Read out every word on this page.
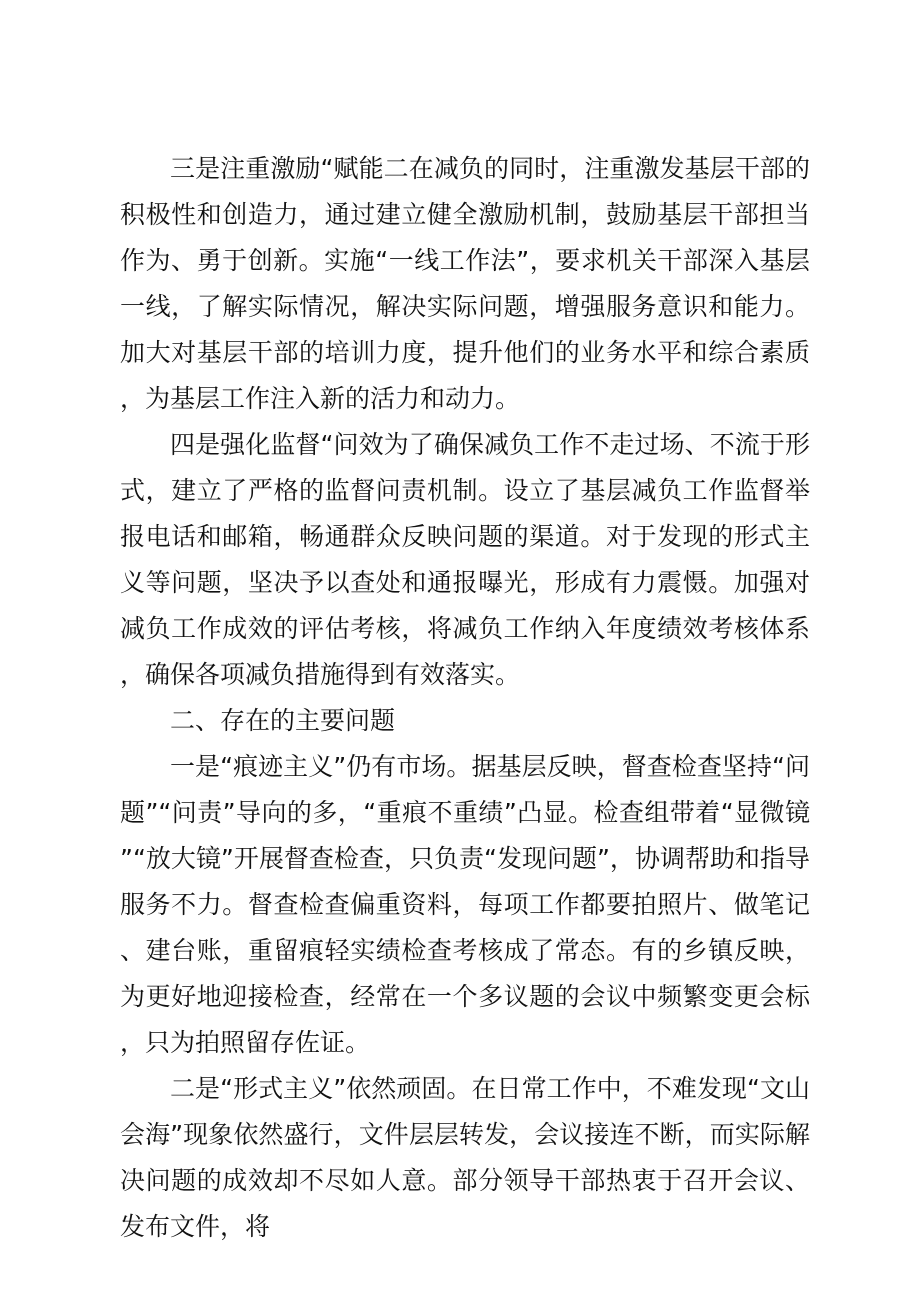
三是注重激励“赋能二在减负的同时，注重激发基层干部的积极性和创造力，通过建立健全激励机制，鼓励基层干部担当作为、勇于创新。实施“一线工作法”，要求机关干部深入基层一线，了解实际情况，解决实际问题，增强服务意识和能力。加大对基层干部的培训力度，提升他们的业务水平和综合素质，为基层工作注入新的活力和动力。

四是强化监督“问效为了确保减负工作不走过场、不流于形式，建立了严格的监督问责机制。设立了基层减负工作监督举报电话和邮箱，畅通群众反映问题的渠道。对于发现的形式主义等问题，坚决予以查处和通报曝光，形成有力震慑。加强对减负工作成效的评估考核，将减负工作纳入年度绩效考核体系，确保各项减负措施得到有效落实。

二、存在的主要问题

一是“痕迹主义”仍有市场。据基层反映，督查检查坚持“问题”“问责”导向的多，“重痕不重绩”凸显。检查组带着“显微镜”“放大镜”开展督查检查，只负责“发现问题”，协调帮助和指导服务不力。督查检查偏重资料，每项工作都要拍照片、做笔记、建台账，重留痕轻实绩检查考核成了常态。有的乡镇反映，为更好地迎接检查，经常在一个多议题的会议中频繁变更会标，只为拍照留存佐证。

二是“形式主义”依然顽固。在日常工作中，不难发现“文山会海”现象依然盛行，文件层层转发，会议接连不断，而实际解决问题的成效却不尽如人意。部分领导干部热衷于召开会议、发布文件，将
